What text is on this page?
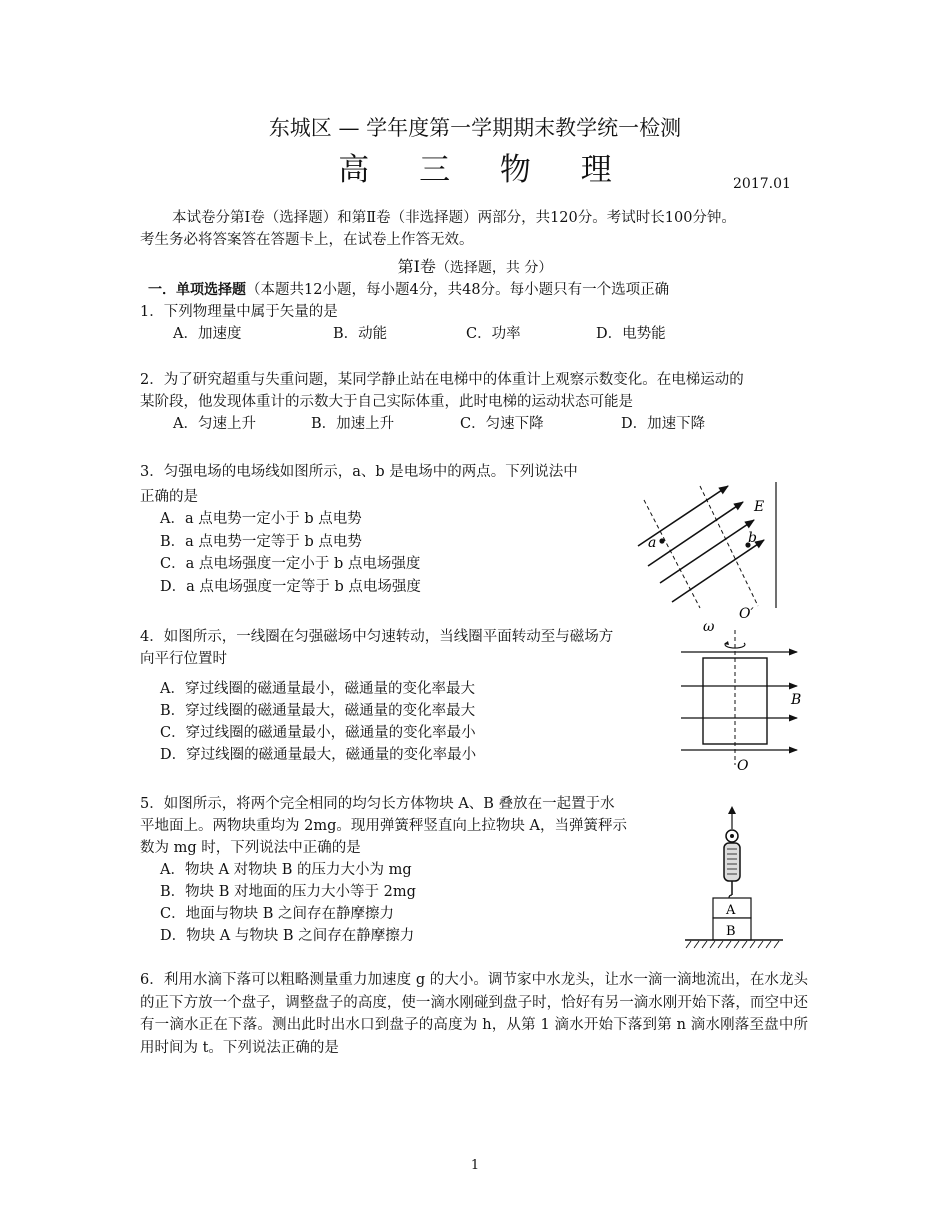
东城区 — 学年度第一学期期末教学统一检测
高 三 物 理	2017.01
本试卷分第Ⅰ卷（选择题）和第Ⅱ卷（非选择题）两部分，共120分。考试时长100分钟。
考生务必将答案答在答题卡上，在试卷上作答无效。
第Ⅰ卷（选择题，共 分）
一．单项选择题（本题共12小题，每小题4分，共48分。每小题只有一个选项正确
1．下列物理量中属于矢量的是
A．加速度	B．动能	C．功率	D．电势能
2．为了研究超重与失重问题，某同学静止站在电梯中的体重计上观察示数变化。在电梯运动的
某阶段，他发现体重计的示数大于自己实际体重，此时电梯的运动状态可能是
A．匀速上升	B．加速上升	C．匀速下降	D．加速下降
3．匀强电场的电场线如图所示，a、b 是电场中的两点。下列说法中
正确的是
A．a 点电势一定小于 b 点电势
B．a 点电势一定等于 b 点电势
C．a 点电场强度一定小于 b 点电场强度
D．a 点电场强度一定等于 b 点电场强度
a	b
E
4．如图所示，一线圈在匀强磁场中匀速转动，当线圈平面转动至与磁场方
向平行位置时
A．穿过线圈的磁通量最小，磁通量的变化率最大
B．穿过线圈的磁通量最大，磁通量的变化率最大
C．穿过线圈的磁通量最小，磁通量的变化率最小
D．穿过线圈的磁通量最大，磁通量的变化率最小
O′
ω
B
O
5．如图所示，将两个完全相同的均匀长方体物块 A、B 叠放在一起置于水
平地面上。两物块重均为 2mg。现用弹簧秤竖直向上拉物块 A，当弹簧秤示
数为 mg 时，下列说法中正确的是
A．物块 A 对物块 B 的压力大小为 mg
B．物块 B 对地面的压力大小等于 2mg
C．地面与物块 B 之间存在静摩擦力
D．物块 A 与物块 B 之间存在静摩擦力
A
B
6．利用水滴下落可以粗略测量重力加速度 g 的大小。调节家中水龙头，让水一滴一滴地流出，在水龙头的正下方放一个盘子，调整盘子的高度，使一滴水刚碰到盘子时，恰好有另一滴水刚开始下落，而空中还有一滴水正在下落。测出此时出水口到盘子的高度为 h，从第 1 滴水开始下落到第 n 滴水刚落至盘中所用时间为 t。下列说法正确的是
1
